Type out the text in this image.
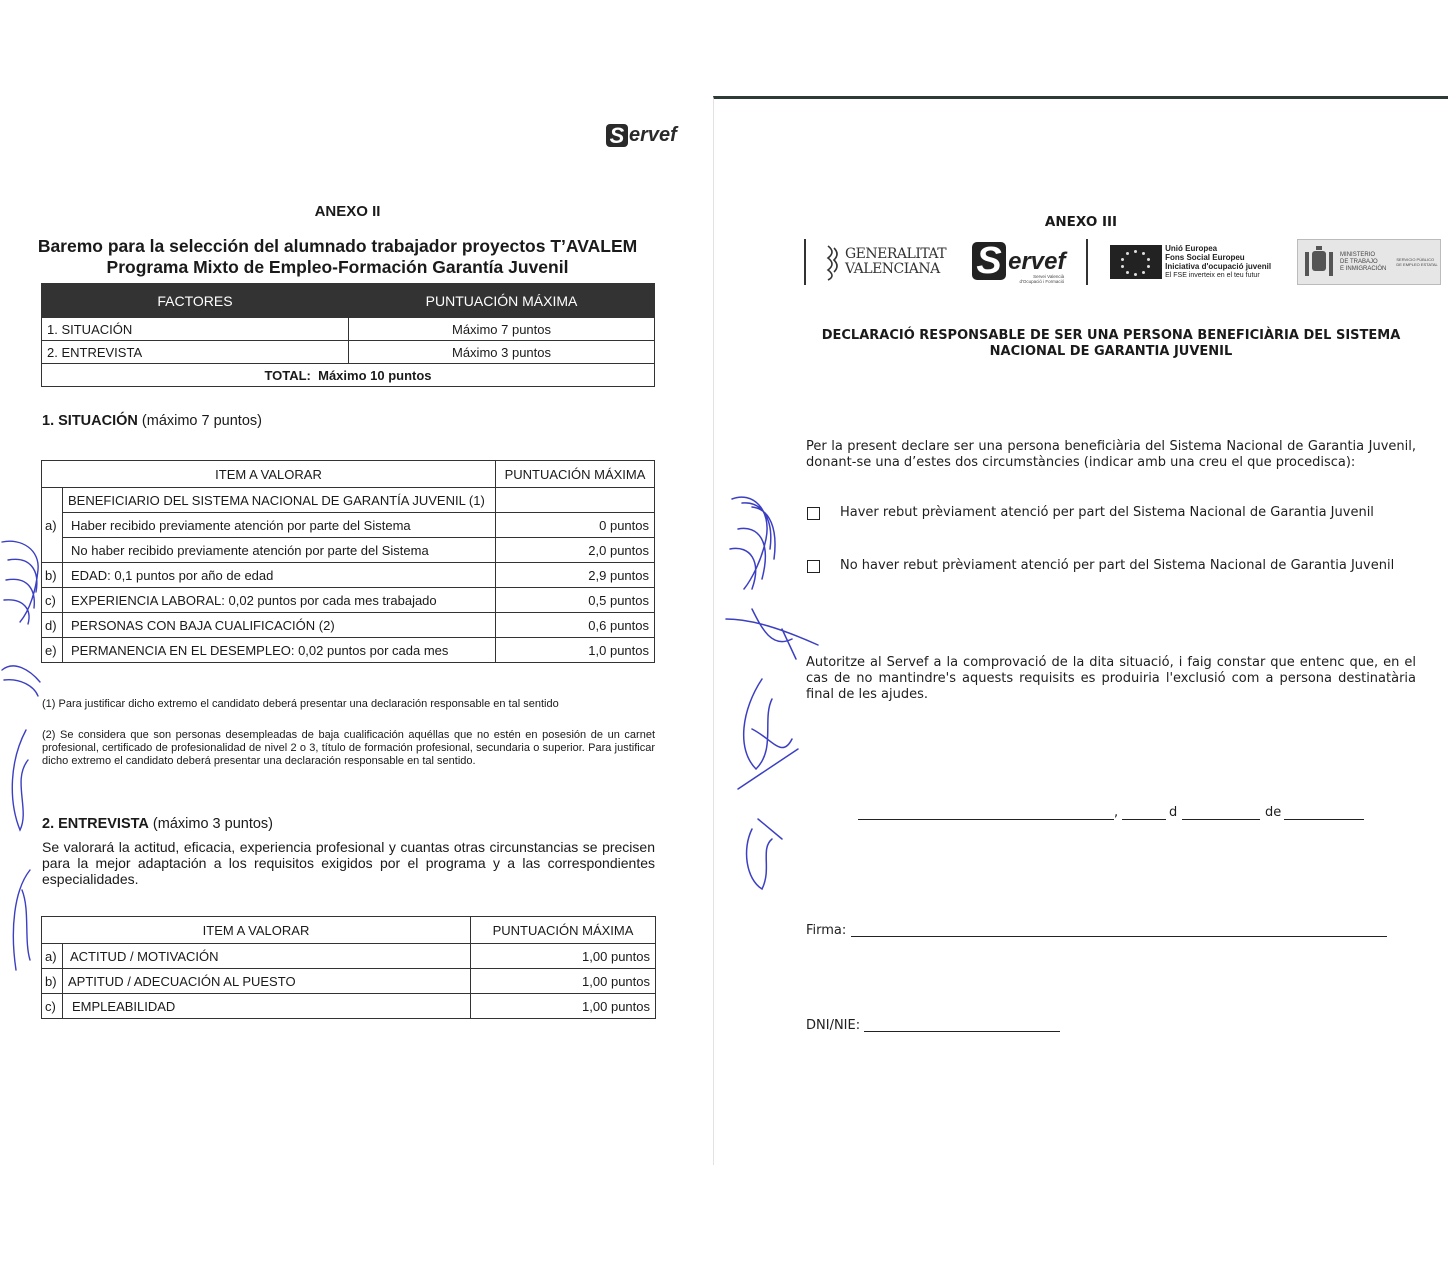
S ervef
ANEXO II
Baremo para la selección del alumnado trabajador proyectos T’AVALEM
Programa Mixto de Empleo-Formación Garantía Juvenil
FACTORES	PUNTUACIÓN MÁXIMA
1. SITUACIÓN	Máximo 7 puntos
2. ENTREVISTA	Máximo 3 puntos
TOTAL: Máximo 10 puntos	
1. SITUACIÓN (máximo 7 puntos)
ITEM A VALORAR		PUNTUACIÓN MÁXIMA
a)	BENEFICIARIO DEL SISTEMA NACIONAL DE GARANTÍA JUVENIL (1)	
	Haber recibido previamente atención por parte del Sistema	0 puntos
	No haber recibido previamente atención por parte del Sistema	2,0 puntos
b)	EDAD: 0,1 puntos por año de edad	2,9 puntos
c)	EXPERIENCIA LABORAL: 0,02 puntos por cada mes trabajado	0,5 puntos
d)	PERSONAS CON BAJA CUALIFICACIÓN (2)	0,6 puntos
e)	PERMANENCIA EN EL DESEMPLEO: 0,02 puntos por cada mes	1,0 puntos
(1) Para justificar dicho extremo el candidato deberá presentar una declaración responsable en tal sentido
(2) Se considera que son personas desempleadas de baja cualificación aquéllas que no estén en posesión de un carnet profesional, certificado de profesionalidad de nivel 2 o 3, título de formación profesional, secundaria o superior. Para justificar dicho extremo el candidato deberá presentar una declaración responsable en tal sentido.
2. ENTREVISTA (máximo 3 puntos)
Se valorará la actitud, eficacia, experiencia profesional y cuantas otras circunstancias se precisen para la mejor adaptación a los requisitos exigidos por el programa y a las correspondientes especialidades.
ITEM A VALORAR		PUNTUACIÓN MÁXIMA
a)	ACTITUD / MOTIVACIÓN	1,00 puntos
b)	APTITUD / ADECUACIÓN AL PUESTO	1,00 puntos
c)	EMPLEABILIDAD	1,00 puntos
ANEXO III
GENERALITAT
VALENCIANA S ervef
Servei Valencià
d'Ocupació i Formació
Unió Europea
Fons Social Europeu
Iniciativa d'ocupació juvenil
El FSE inverteix en el teu futur
MINISTERIO
DE TRABAJO
E INMIGRACIÓN
SERVICIO PÚBLICO
DE EMPLEO ESTATAL
DECLARACIÓ RESPONSABLE DE SER UNA PERSONA BENEFICIÀRIA DEL SISTEMA NACIONAL DE GARANTIA JUVENIL
Per la present declare ser una persona beneficiària del Sistema Nacional de Garantia Juvenil, donant-se una d’estes dos circumstàncies (indicar amb una creu el que procedisca):
Haver rebut prèviament atenció per part del Sistema Nacional de Garantia Juvenil
No haver rebut prèviament atenció per part del Sistema Nacional de Garantia Juvenil
Autoritze al Servef a la comprovació de la dita situació, i faig constar que entenc que, en el cas de no mantindre's aquests requisits es produiria l'exclusió com a persona destinatària final de les ajudes.
,	d	de
Firma:
DNI/NIE:
